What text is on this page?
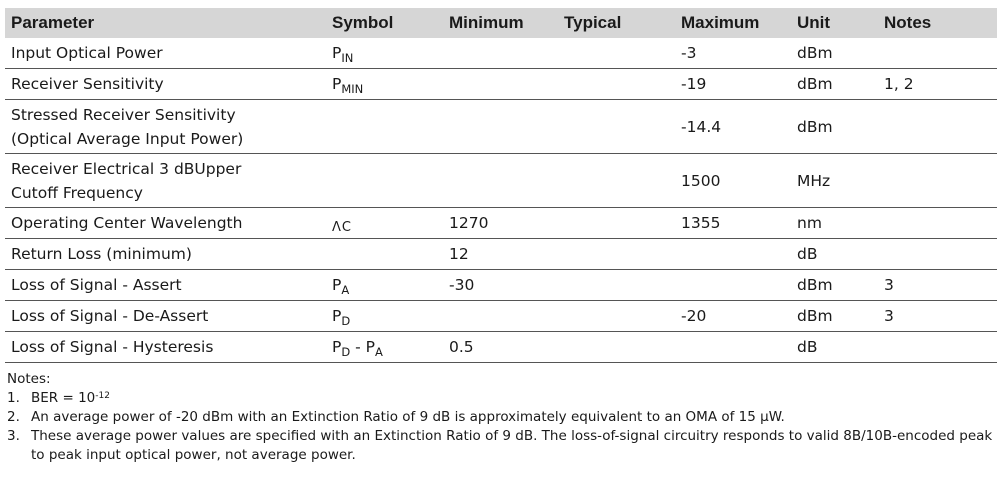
Parameter	Symbol	Minimum	Typical	Maximum	Unit	Notes

Input Optical Power	$P_{IN}$			-3	dBm	

Receiver Sensitivity	$P_{MIN}$			-19	dBm	1, 2

Stressed Receiver Sensitivity
(Optical Average Input Power)				-14.4	dBm	

Receiver Electrical 3 dBUpper
Cutoff Frequency				1500	MHz	

Operating Center Wavelength	$_{\Lambda C}$	1270		1355	nm	

Return Loss (minimum)		12			dB	

Loss of Signal - Assert	$P_A$	-30			dBm	3

Loss of Signal - De-Assert	$P_D$			-20	dBm	3

Loss of Signal - Hysteresis	$P_D - P_A$	0.5			dB	
Notes:
1. BER = $10^{-12}$
2. An average power of -20 dBm with an Extinction Ratio of 9 dB is approximately equivalent to an OMA of 15 µW.
3. These average power values are specified with an Extinction Ratio of 9 dB. The loss-of-signal circuitry responds to valid 8B/10B-encoded peak to peak input optical power, not average power.
